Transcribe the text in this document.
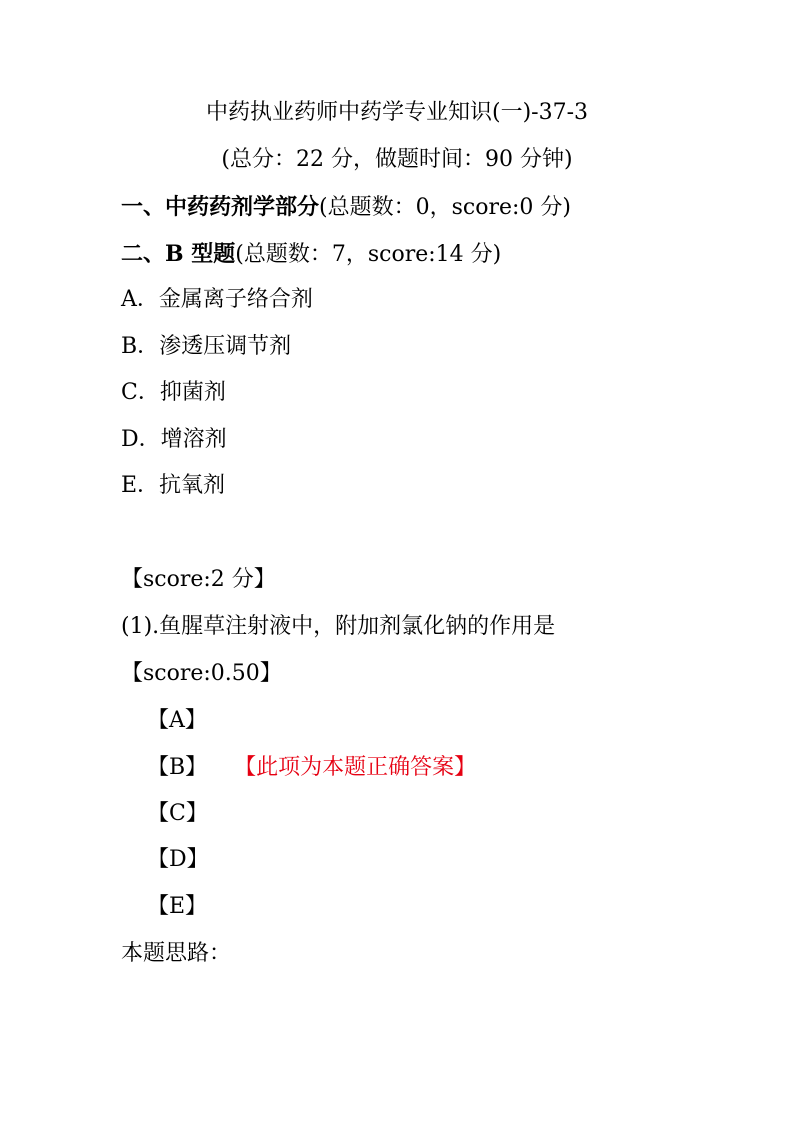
中药执业药师中药学专业知识(一)-37-3
(总分：22 分，做题时间：90 分钟)
一、中药药剂学部分(总题数：0，score:0 分)
二、B 型题(总题数：7，score:14 分)
A．金属离子络合剂
B．渗透压调节剂
C．抑菌剂
D．增溶剂
E．抗氧剂
【score:2 分】
(1).鱼腥草注射液中，附加剂氯化钠的作用是
【score:0.50】
【A】
【B】 【此项为本题正确答案】
【C】
【D】
【E】
本题思路：
